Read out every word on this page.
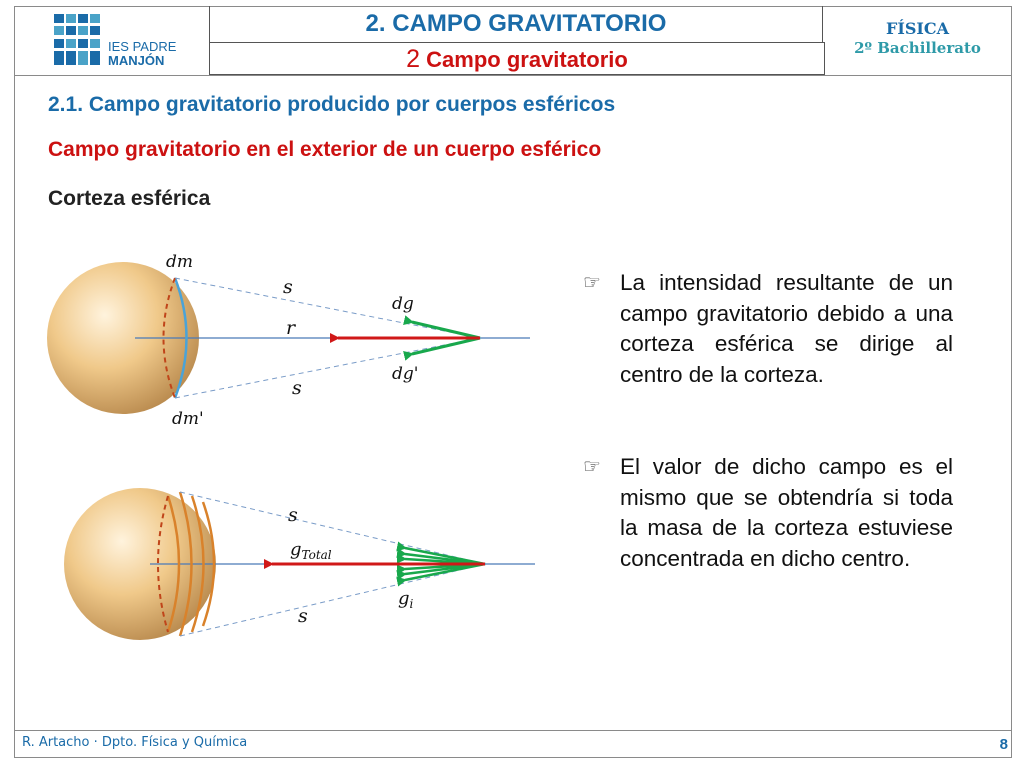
IES PADRE
MANJÓN
2. CAMPO GRAVITATORIO
2 Campo gravitatorio
FÍSICA
2º Bachillerato
2.1. Campo gravitatorio producido por cuerpos esféricos
Campo gravitatorio en el exterior de un cuerpo esférico
Corteza esférica
dm
s
dg
r
dg'
s
dm'
s
$g_{Total}$
$g_i$
s
☞ La intensidad resultante de un campo gravitatorio debido a una corteza esférica se dirige al centro de la corteza.
☞ El valor de dicho campo es el mismo que se obtendría si toda la masa de la corteza estuviese concentrada en dicho centro.
R. Artacho · Dpto. Física y Química	8
